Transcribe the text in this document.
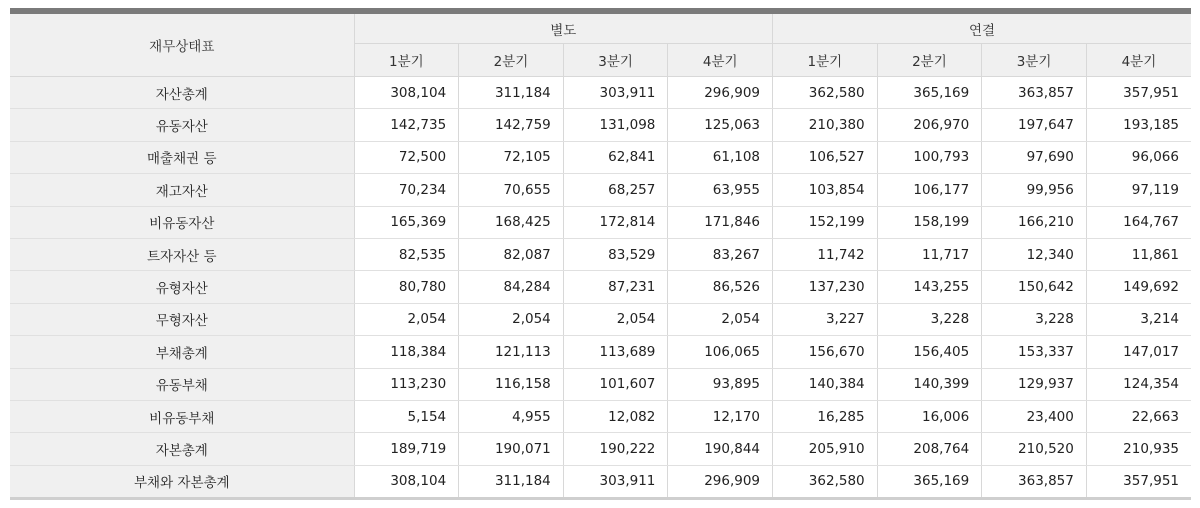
재무상태표	별도				연결			
	1분기	2분기	3분기	4분기	1분기	2분기	3분기	4분기
자산총계	308,104	311,184	303,911	296,909	362,580	365,169	363,857	357,951
유동자산	142,735	142,759	131,098	125,063	210,380	206,970	197,647	193,185
매출채권 등	72,500	72,105	62,841	61,108	106,527	100,793	97,690	96,066
재고자산	70,234	70,655	68,257	63,955	103,854	106,177	99,956	97,119
비유동자산	165,369	168,425	172,814	171,846	152,199	158,199	166,210	164,767
트자자산 등	82,535	82,087	83,529	83,267	11,742	11,717	12,340	11,861
유형자산	80,780	84,284	87,231	86,526	137,230	143,255	150,642	149,692
무형자산	2,054	2,054	2,054	2,054	3,227	3,228	3,228	3,214
부채총계	118,384	121,113	113,689	106,065	156,670	156,405	153,337	147,017
유동부채	113,230	116,158	101,607	93,895	140,384	140,399	129,937	124,354
비유동부채	5,154	4,955	12,082	12,170	16,285	16,006	23,400	22,663
자본총계	189,719	190,071	190,222	190,844	205,910	208,764	210,520	210,935
부채와 자본총계	308,104	311,184	303,911	296,909	362,580	365,169	363,857	357,951
